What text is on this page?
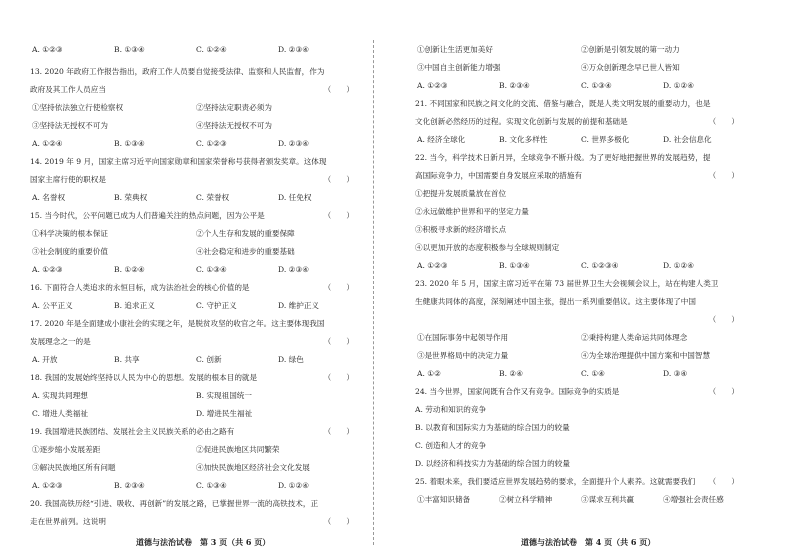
A. ①②③	B. ①③④	C. ①②④	D. ②③④
13. 2020 年政府工作报告指出，政府工作人员要自觉接受法律、监察和人民监督，作为
政府及其工作人员应当	（　　）
①坚持依法独立行使检察权	②坚持法定职责必须为
③坚持法无授权不可为	④坚持法无授权不可为
A. ①②④	B. ①③④	C. ①②③	D. ②③④
14. 2019 年 9 月，国家主席习近平向国家勋章和国家荣誉称号获得者颁发奖章。这体现
国家主席行使的职权是	（　　）
A. 名誉权	B. 荣典权	C. 荣誉权	D. 任免权
15. 当今时代，公平问题已成为人们普遍关注的热点问题，因为公平是	（　　）
①科学决策的根本保证	②个人生存和发展的重要保障
③社会制度的重要价值	④社会稳定和进步的重要基础
A. ①②③	B. ①②④	C. ①③④	D. ②③④
16. 下面符合人类追求的永恒目标，成为法治社会的核心价值的是	（　　）
A. 公平正义	B. 追求正义	C. 守护正义	D. 维护正义
17. 2020 年是全面建成小康社会的实现之年，是脱贫攻坚的收官之年。这主要体现我国
发展理念之一的是	（　　）
A. 开放	B. 共享	C. 创新	D. 绿色
18. 我国的发展始终坚持以人民为中心的思想。发展的根本目的就是	（　　）
A. 实现共同理想	B. 实现祖国统一
C. 增进人类福祉	D. 增进民生福祉
19. 我国增进民族团结、发展社会主义民族关系的必由之路有	（　　）
①逐步缩小发展差距	②促进民族地区共同繁荣
③解决民族地区所有问题	④加快民族地区经济社会文化发展
A. ①②③	B. ②③④	C. ①③④	D. ①②④
20. 我国高铁历经“引进、吸收、再创新”的发展之路，已掌握世界一流的高铁技术，正
走在世界前列。这说明	（　　）
道德与法治试卷　第 3 页（共 6 页）
①创新让生活更加美好	②创新是引领发展的第一动力
③中国自主创新能力增强	④万众创新理念早已世人皆知
A. ①②③	B. ②③④	C. ①③④	D. ①②④
21. 不同国家和民族之间文化的交流、借鉴与融合，既是人类文明发展的重要动力，也是
文化创新必然经历的过程。实现文化创新与发展的前提和基础是	（　　）
A. 经济全球化	B. 文化多样性	C. 世界多极化	D. 社会信息化
22. 当今，科学技术日新月异，全球竞争不断升级。为了更好地把握世界的发展趋势，提
高国际竞争力，中国需要自身发展应采取的措施有	（　　）
①把提升发展质量放在首位
②永远做维护世界和平的坚定力量
③积极寻求新的经济增长点
④以更加开放的态度积极参与全球规则制定
A. ①②③	B. ①③④	C. ①②③④	D. ①②④
23. 2020 年 5 月，国家主席习近平在第 73 届世界卫生大会视频会议上，站在构建人类卫
生健康共同体的高度，深刻阐述中国主张，提出一系列重要倡议。这主要体现了中国
（　　）
①在国际事务中起领导作用	②秉持构建人类命运共同体理念
③是世界格局中的决定力量	④为全球治理提供中国方案和中国智慧
A. ①②	B. ②④	C. ①④	D. ③④
24. 当今世界，国家间既有合作又有竞争。国际竞争的实质是	（　　）
A. 劳动和知识的竞争
B. 以教育和国际实力为基础的综合国力的较量
C. 创造和人才的竞争
D. 以经济和科技实力为基础的综合国力的较量
25. 着眼未来，我们要适应世界发展趋势的要求，全面提升个人素养。这就需要我们 （　　）
①丰富知识储备	②树立科学精神	③谋求互利共赢	④增强社会责任感
道德与法治试卷　第 4 页（共 6 页）
